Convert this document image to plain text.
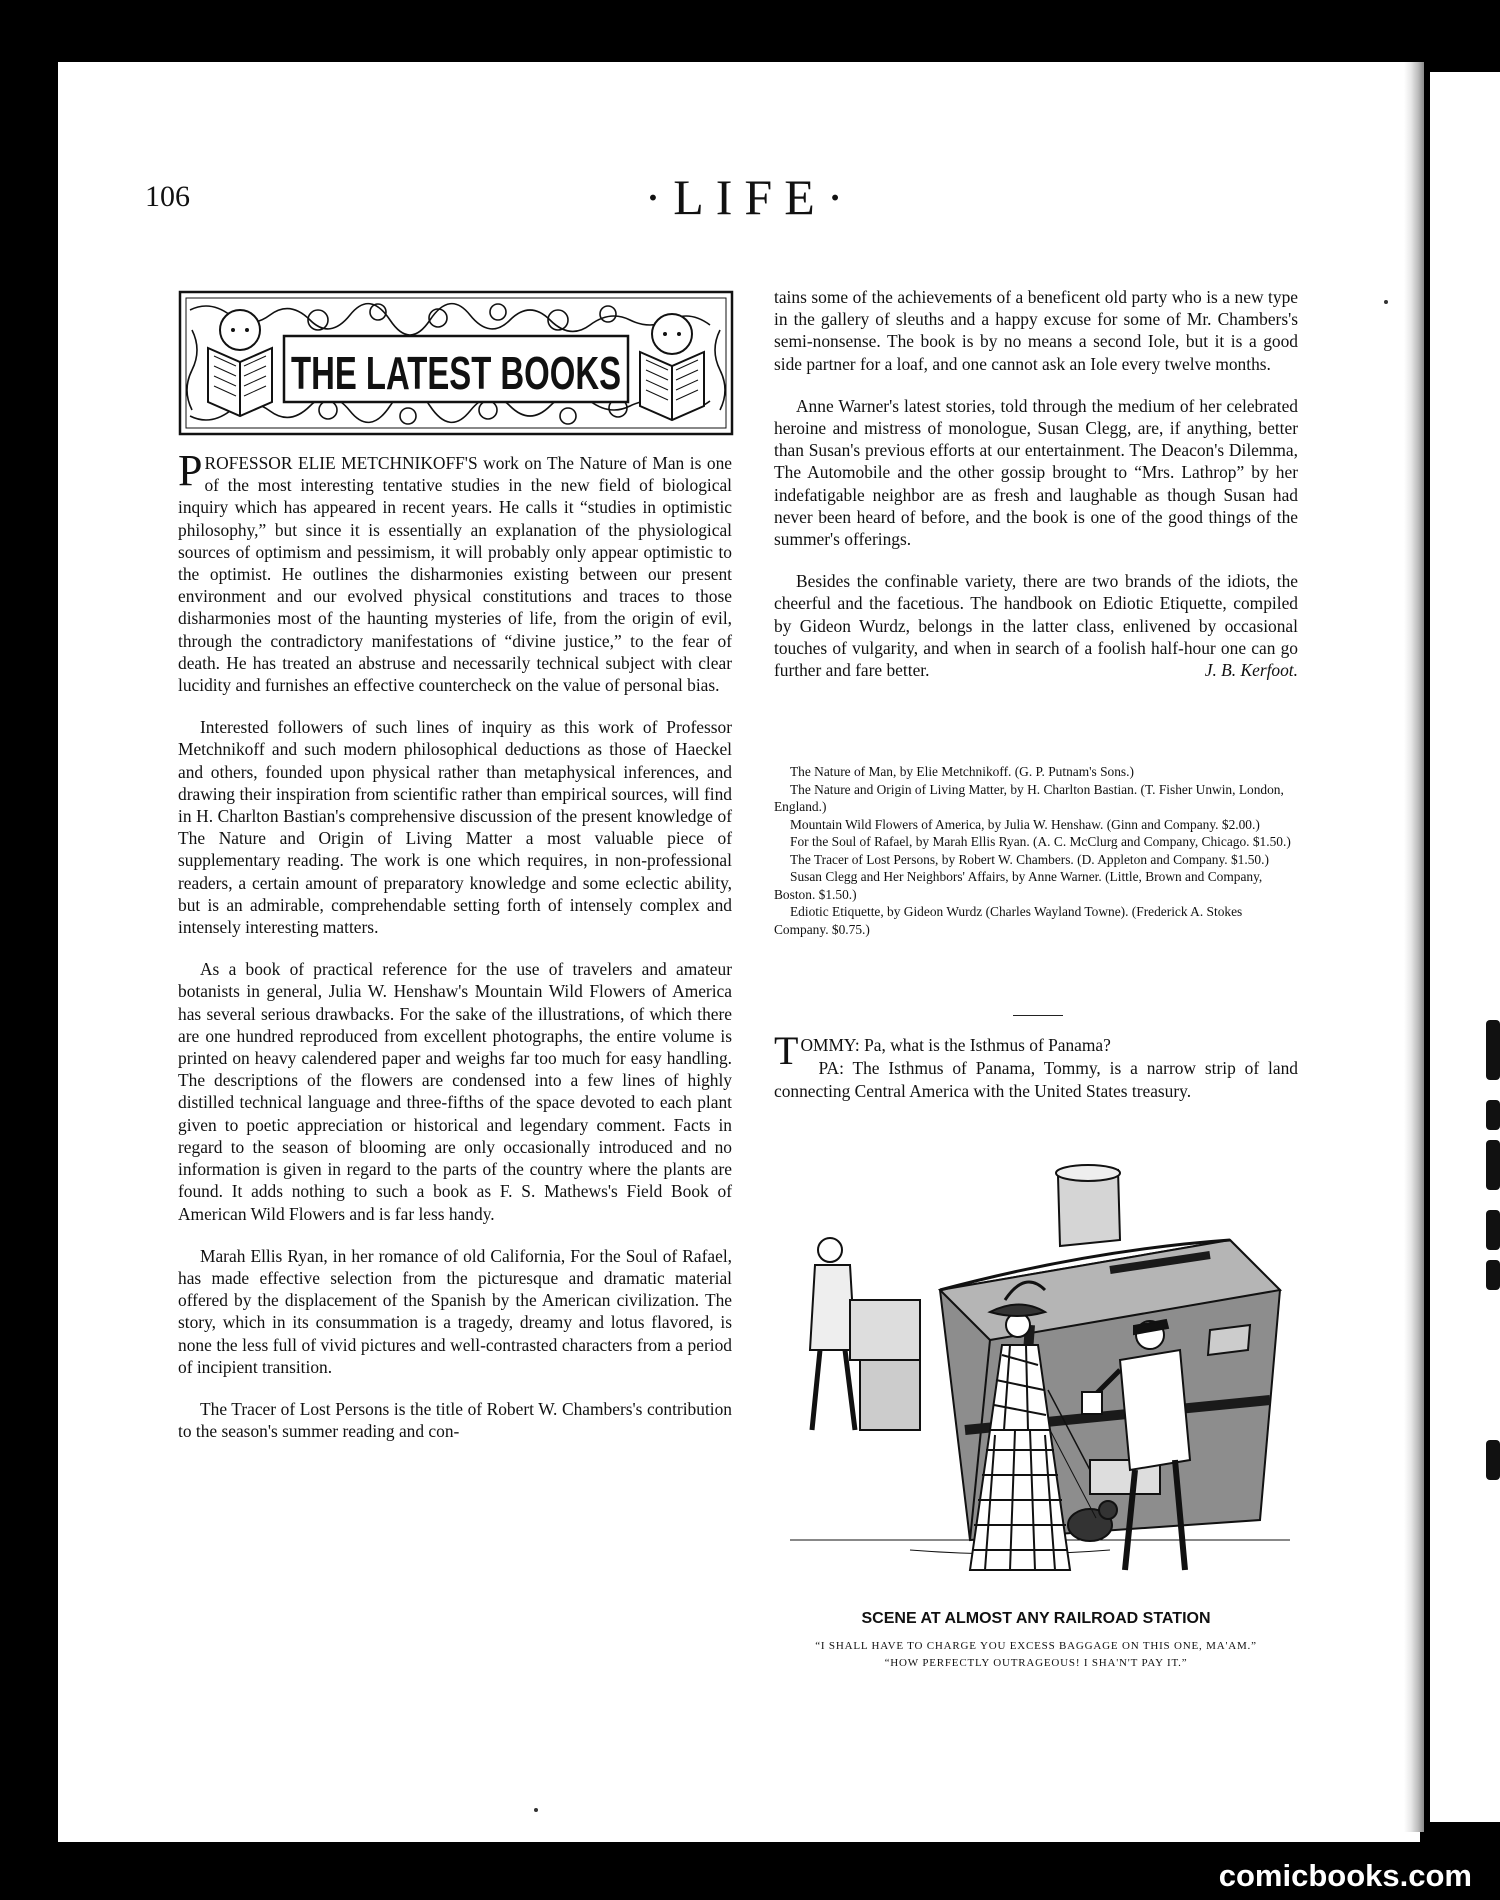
106	·LIFE·
THE LATEST BOOKS

PROFESSOR ELIE METCHNIKOFF'S work on The Nature of Man is one of the most interesting tentative studies in the new field of biological inquiry which has appeared in recent years. He calls it “studies in optimistic philosophy,” but since it is essentially an explanation of the physiological sources of optimism and pessimism, it will probably only appear optimistic to the optimist. He outlines the disharmonies existing between our present environment and our evolved physical constitutions and traces to those disharmonies most of the haunting mysteries of life, from the origin of evil, through the contradictory manifestations of “divine justice,” to the fear of death. He has treated an abstruse and necessarily technical subject with clear lucidity and furnishes an effective countercheck on the value of personal bias.

Interested followers of such lines of inquiry as this work of Professor Metchnikoff and such modern philosophical deductions as those of Haeckel and others, founded upon physical rather than metaphysical inferences, and drawing their inspiration from scientific rather than empirical sources, will find in H. Charlton Bastian's comprehensive discussion of the present knowledge of The Nature and Origin of Living Matter a most valuable piece of supplementary reading. The work is one which requires, in non-professional readers, a certain amount of preparatory knowledge and some eclectic ability, but is an admirable, comprehendable setting forth of intensely complex and intensely interesting matters.

As a book of practical reference for the use of travelers and amateur botanists in general, Julia W. Henshaw's Mountain Wild Flowers of America has several serious drawbacks. For the sake of the illustrations, of which there are one hundred reproduced from excellent photographs, the entire volume is printed on heavy calendered paper and weighs far too much for easy handling. The descriptions of the flowers are condensed into a few lines of highly distilled technical language and three-fifths of the space devoted to each plant given to poetic appreciation or historical and legendary comment. Facts in regard to the season of blooming are only occasionally introduced and no information is given in regard to the parts of the country where the plants are found. It adds nothing to such a book as F. S. Mathews's Field Book of American Wild Flowers and is far less handy.

Marah Ellis Ryan, in her romance of old California, For the Soul of Rafael, has made effective selection from the picturesque and dramatic material offered by the displacement of the Spanish by the American civilization. The story, which in its consummation is a tragedy, dreamy and lotus flavored, is none the less full of vivid pictures and well-contrasted characters from a period of incipient transition.

The Tracer of Lost Persons is the title of Robert W. Chambers's contribution to the season's summer reading and con-

tains some of the achievements of a beneficent old party who is a new type in the gallery of sleuths and a happy excuse for some of Mr. Chambers's semi-nonsense. The book is by no means a second Iole, but it is a good side partner for a loaf, and one cannot ask an Iole every twelve months.

Anne Warner's latest stories, told through the medium of her celebrated heroine and mistress of monologue, Susan Clegg, are, if anything, better than Susan's previous efforts at our entertainment. The Deacon's Dilemma, The Automobile and the other gossip brought to “Mrs. Lathrop” by her indefatigable neighbor are as fresh and laughable as though Susan had never been heard of before, and the book is one of the good things of the summer's offerings.

Besides the confinable variety, there are two brands of the idiots, the cheerful and the facetious. The handbook on Ediotic Etiquette, compiled by Gideon Wurdz, belongs in the latter class, enlivened by occasional touches of vulgarity, and when in search of a foolish half-hour one can go further and fare better.	J. B. Kerfoot.

The Nature of Man, by Elie Metchnikoff. (G. P. Putnam's Sons.)
The Nature and Origin of Living Matter, by H. Charlton Bastian. (T. Fisher Unwin, London, England.)
Mountain Wild Flowers of America, by Julia W. Henshaw. (Ginn and Company. $2.00.)
For the Soul of Rafael, by Marah Ellis Ryan. (A. C. McClurg and Company, Chicago. $1.50.)
The Tracer of Lost Persons, by Robert W. Chambers. (D. Appleton and Company. $1.50.)
Susan Clegg and Her Neighbors' Affairs, by Anne Warner. (Little, Brown and Company, Boston. $1.50.)
Ediotic Etiquette, by Gideon Wurdz (Charles Wayland Towne). (Frederick A. Stokes Company. $0.75.)

TOMMY: Pa, what is the Isthmus of Panama?

PA: The Isthmus of Panama, Tommy, is a narrow strip of land connecting Central America with the United States treasury.

SCENE AT ALMOST ANY RAILROAD STATION
“I SHALL HAVE TO CHARGE YOU EXCESS BAGGAGE ON THIS ONE, MA'AM.”
“HOW PERFECTLY OUTRAGEOUS! I SHA'N'T PAY IT.”
comicbooks.com
